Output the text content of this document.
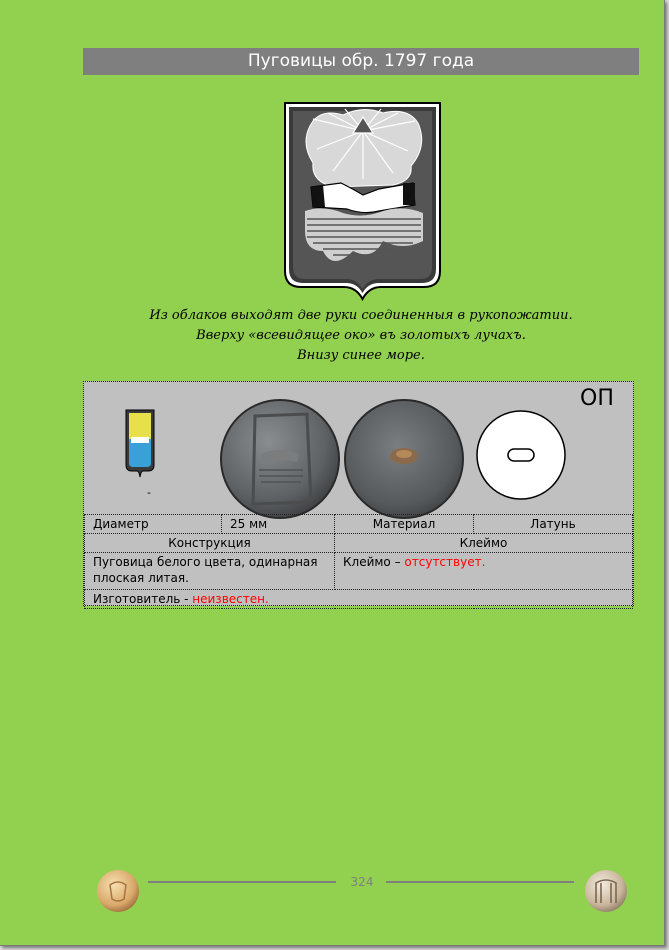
Пуговицы обр. 1797 года
Из облаков выходят две руки соединенныя в рукопожатии.
Вверху «всевидящее око» въ золотыхъ лучахъ.
Внизу синее море.
-
ОП
Диаметр	25 мм	Материал	Латунь
Конструкция		Клеймо	
Пуговица белого цвета, одинарная плоская литая.		Клеймо – отсутствует.	
Изготовитель - неизвестен.			
324
